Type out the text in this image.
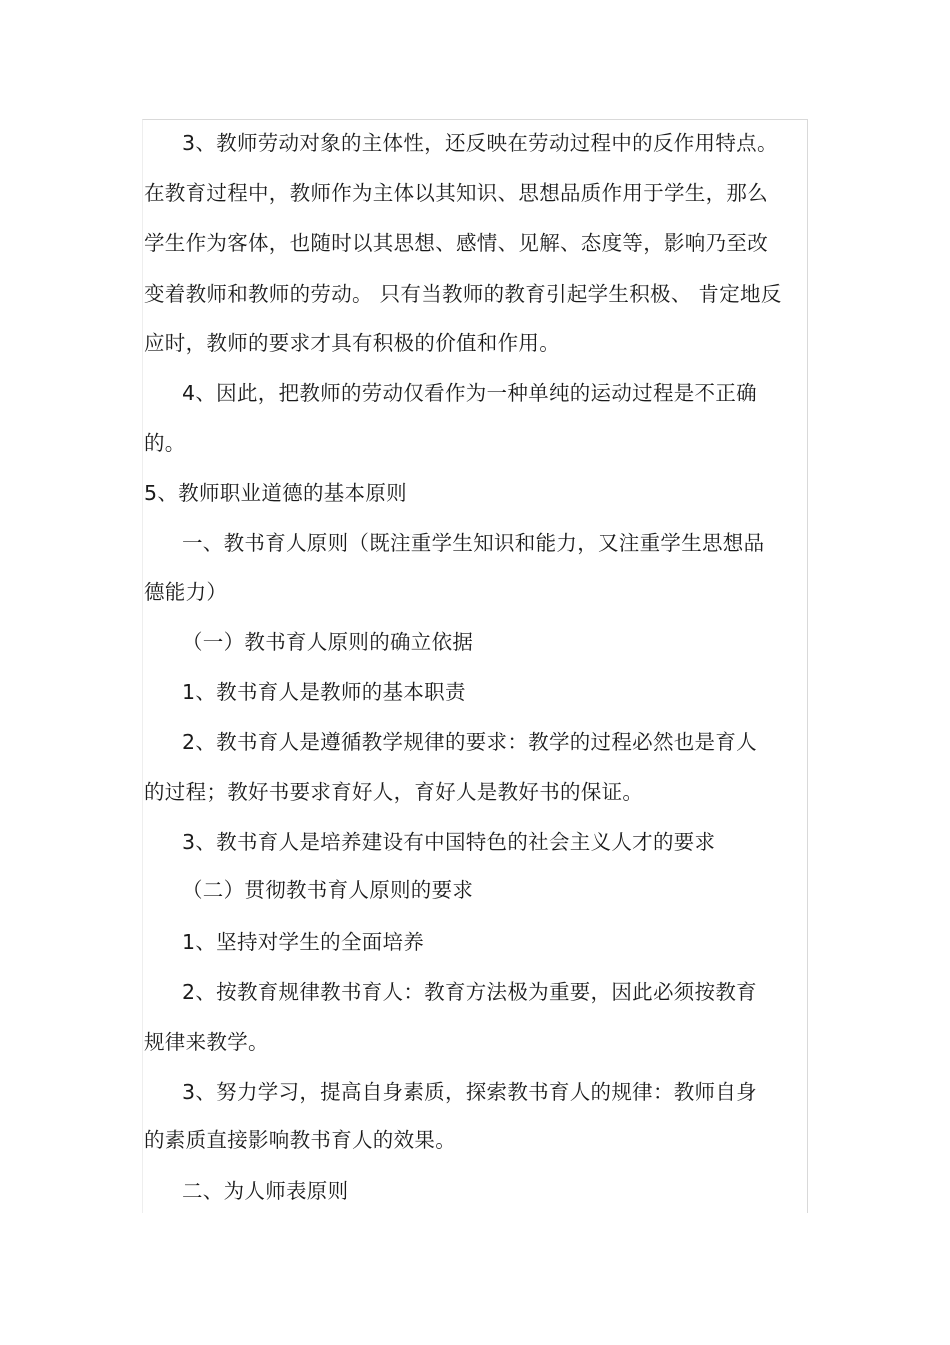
3、教师劳动对象的主体性，还反映在劳动过程中的反作用特点。
在教育过程中，教师作为主体以其知识、思想品质作用于学生，那么
学生作为客体，也随时以其思想、感情、见解、态度等，影响乃至改
变着教师和教师的劳动。 只有当教师的教育引起学生积极、 肯定地反
应时，教师的要求才具有积极的价值和作用。
4、因此，把教师的劳动仅看作为一种单纯的运动过程是不正确
的。
5、教师职业道德的基本原则
一、教书育人原则（既注重学生知识和能力，又注重学生思想品
德能力）
（一）教书育人原则的确立依据
1、教书育人是教师的基本职责
2、教书育人是遵循教学规律的要求：教学的过程必然也是育人
的过程；教好书要求育好人，育好人是教好书的保证。
3、教书育人是培养建设有中国特色的社会主义人才的要求
（二）贯彻教书育人原则的要求
1、坚持对学生的全面培养
2、按教育规律教书育人：教育方法极为重要，因此必须按教育
规律来教学。
3、努力学习，提高自身素质，探索教书育人的规律：教师自身
的素质直接影响教书育人的效果。
二、为人师表原则
